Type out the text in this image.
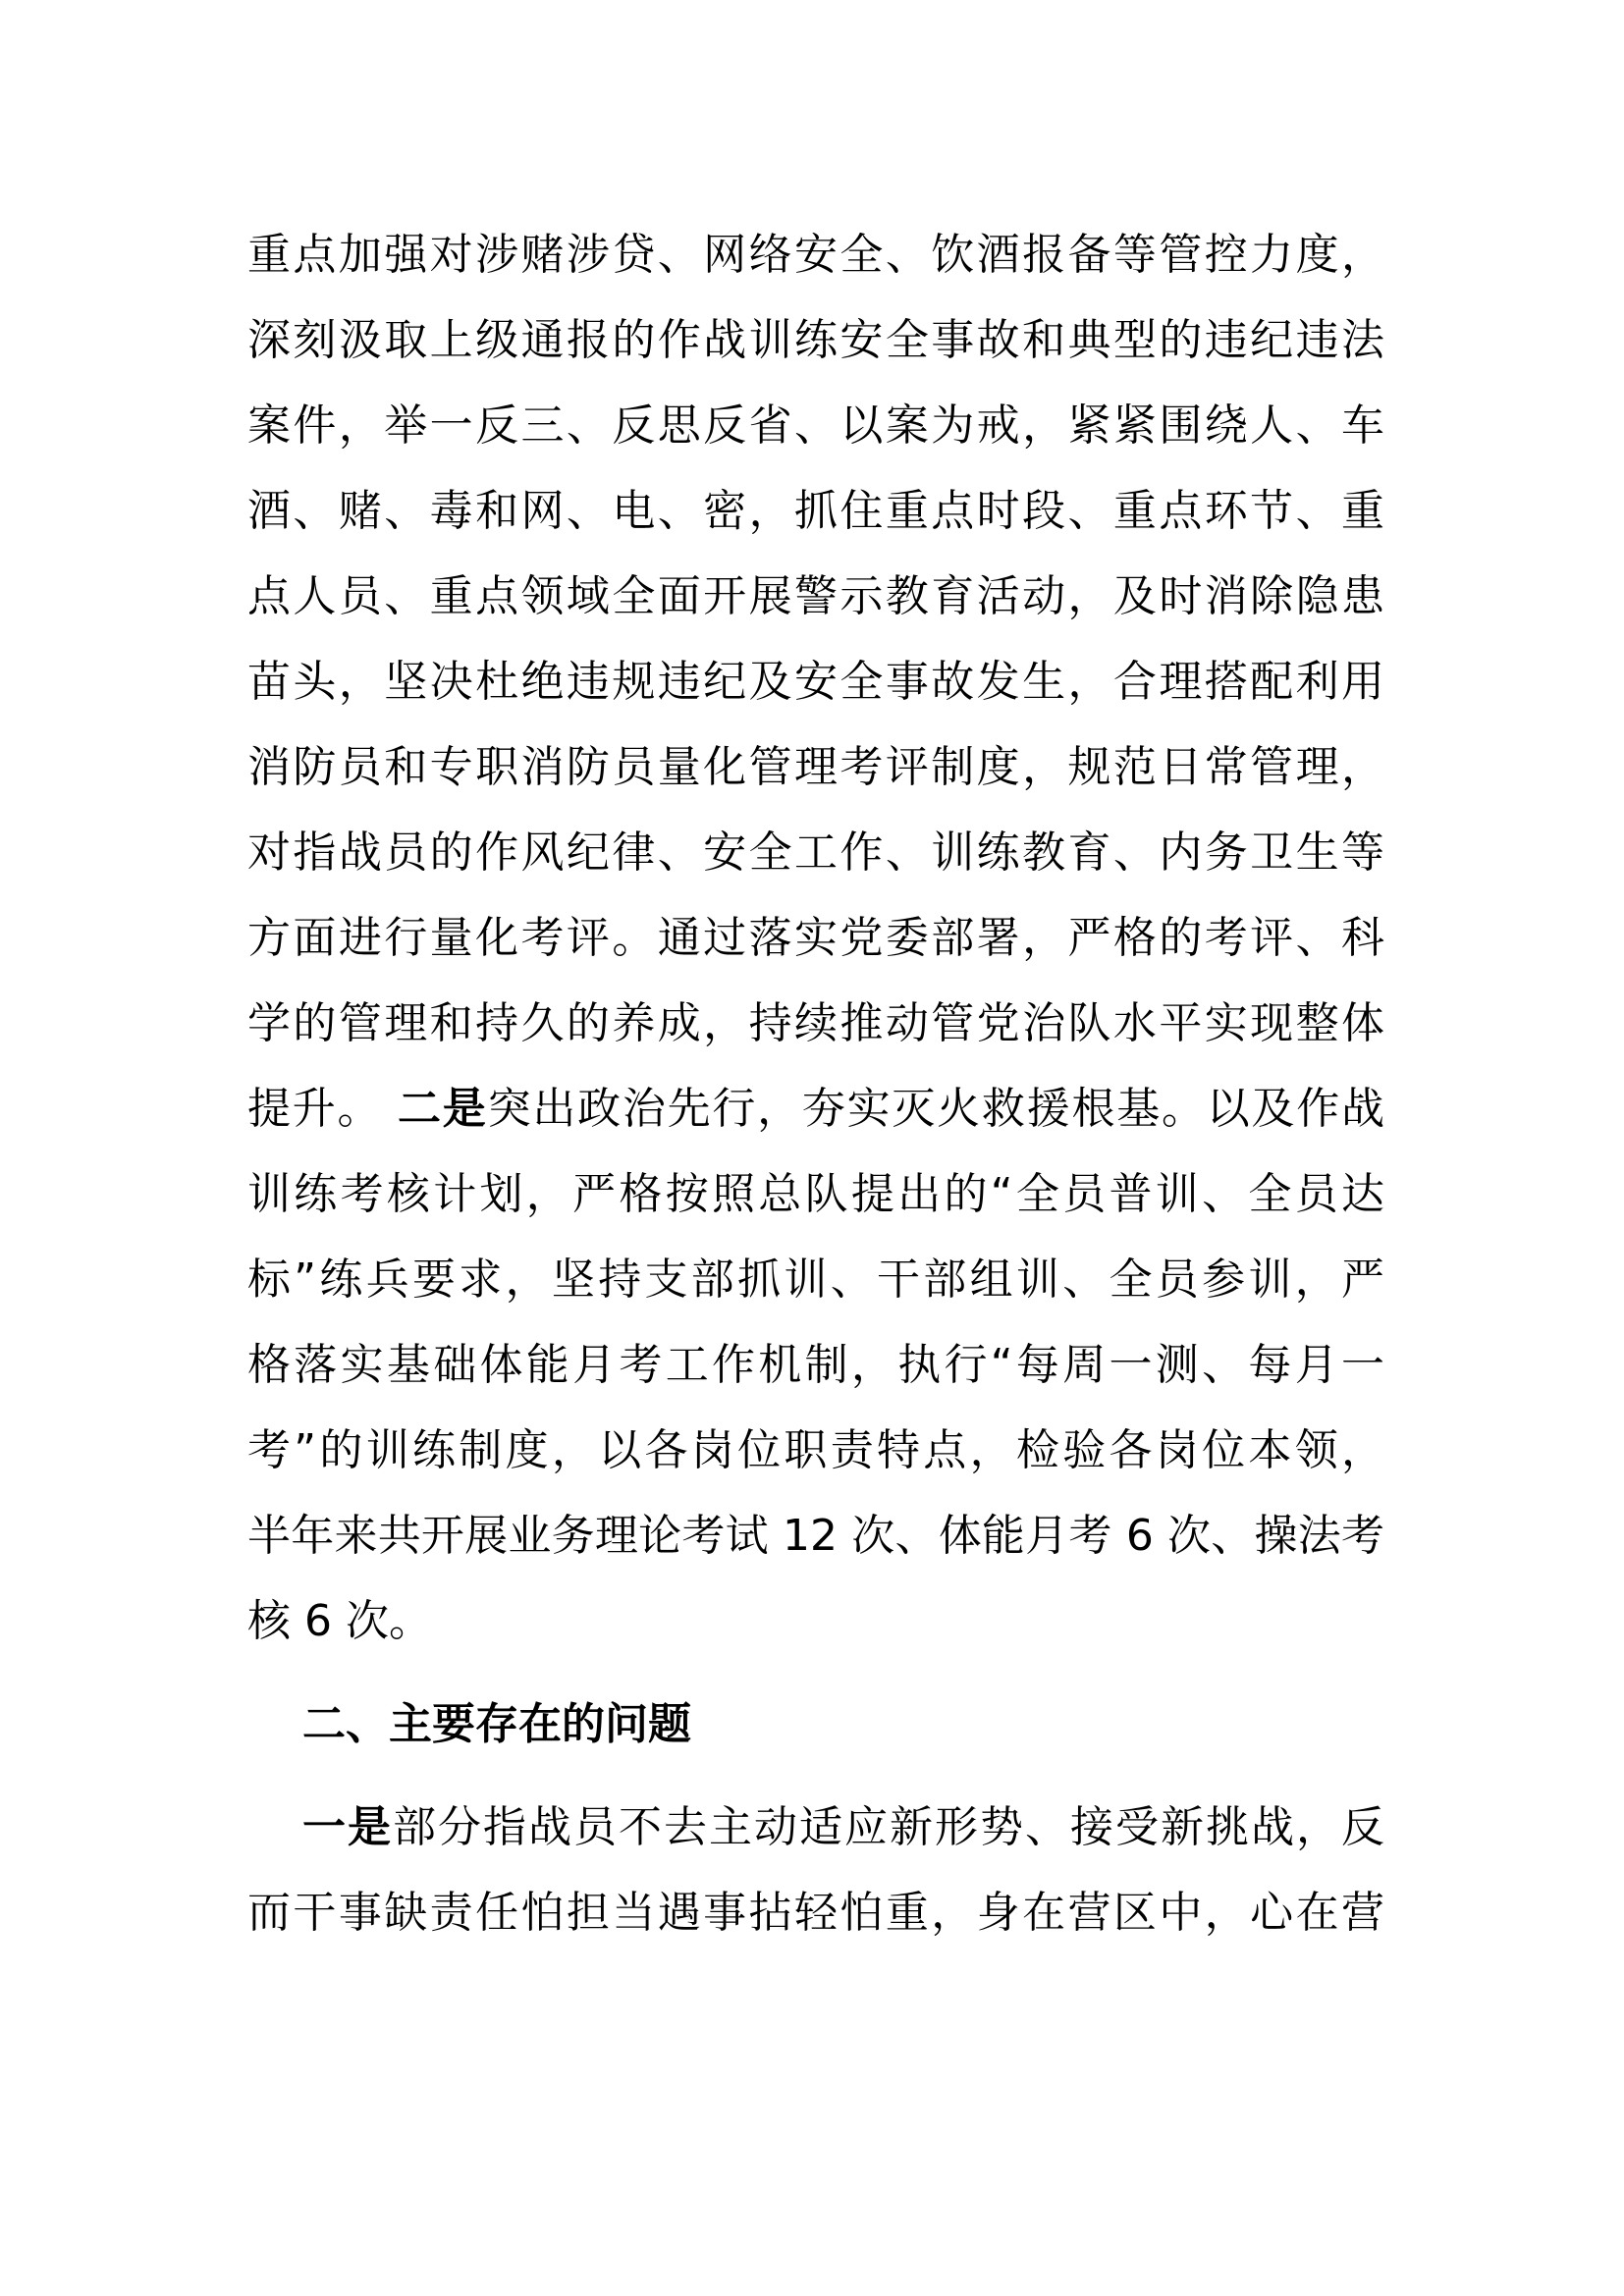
重点加强对涉赌涉贷、网络安全、饮酒报备等管控力度，
深刻汲取上级通报的作战训练安全事故和典型的违纪违法
案件，举一反三、反思反省、以案为戒，紧紧围绕人、车
酒、赌、毒和网、电、密，抓住重点时段、重点环节、重
点人员、重点领域全面开展警示教育活动，及时消除隐患
苗头，坚决杜绝违规违纪及安全事故发生，合理搭配利用
消防员和专职消防员量化管理考评制度，规范日常管理，
对指战员的作风纪律、安全工作、训练教育、内务卫生等
方面进行量化考评。通过落实党委部署，严格的考评、科
学的管理和持久的养成，持续推动管党治队水平实现整体
提升。 二是突出政治先行，夯实灭火救援根基。以及作战
训练考核计划，严格按照总队提出的“全员普训、全员达
标”练兵要求，坚持支部抓训、干部组训、全员参训，严
格落实基础体能月考工作机制，执行“每周一测、每月一
考”的训练制度，以各岗位职责特点，检验各岗位本领，
半年来共开展业务理论考试 12 次、体能月考 6 次、操法考
核 6 次。
二、主要存在的问题
一是部分指战员不去主动适应新形势、接受新挑战，反
而干事缺责任怕担当遇事拈轻怕重，身在营区中，心在营
